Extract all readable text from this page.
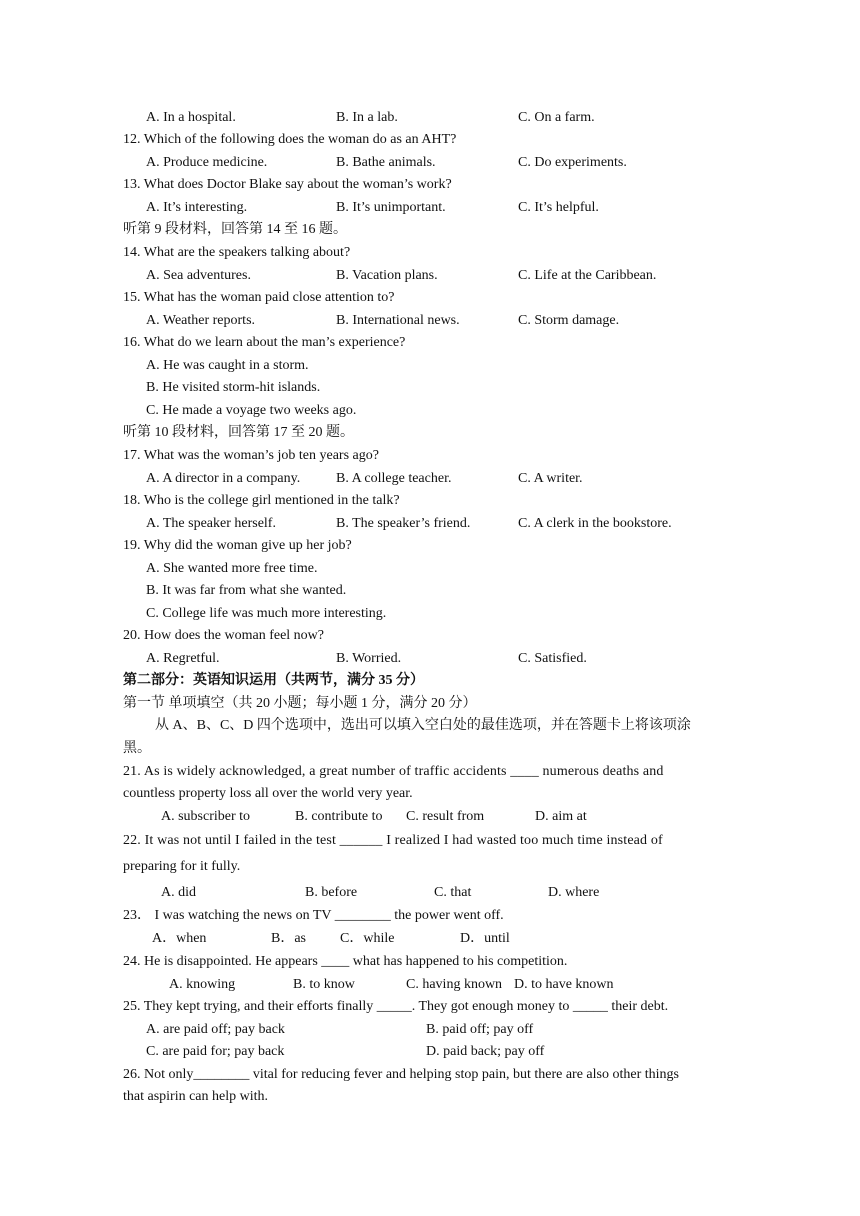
A. In a hospital.	B. In a lab.	C. On a farm.
12. Which of the following does the woman do as an AHT?
A. Produce medicine.	B. Bathe animals.	C. Do experiments.
13. What does Doctor Blake say about the woman’s work?
A. It’s interesting.	B. It’s unimportant.	C. It’s helpful.
听第 9 段材料，回答第 14 至 16 题。
14. What are the speakers talking about?
A. Sea adventures.	B. Vacation plans.	C. Life at the Caribbean.
15. What has the woman paid close attention to?
A. Weather reports.	B. International news.	C. Storm damage.
16. What do we learn about the man’s experience?
A. He was caught in a storm.
B. He visited storm-hit islands.
C. He made a voyage two weeks ago.
听第 10 段材料，回答第 17 至 20 题。
17. What was the woman’s job ten years ago?
A. A director in a company.	B. A college teacher.	C. A writer.
18. Who is the college girl mentioned in the talk?
A. The speaker herself.	B. The speaker’s friend.	C. A clerk in the bookstore.
19. Why did the woman give up her job?
A. She wanted more free time.
B. It was far from what she wanted.
C. College life was much more interesting.
20. How does the woman feel now?
A. Regretful.	B. Worried.	C. Satisfied.
第二部分：英语知识运用（共两节，满分 35 分）
第一节 单项填空（共 20 小题；每小题 1 分，满分 20 分）
从 A、B、C、D 四个选项中，选出可以填入空白处的最佳选项，并在答题卡上将该项涂
黑。
21. As is widely acknowledged, a great number of traffic accidents ____ numerous deaths and
countless property loss all over the world very year.
A. subscriber to	B. contribute to C. result from	D. aim at
22. It was not until I failed in the test ______ I realized I had wasted too much time instead of
preparing for it fully.
A. did	B. before	C. that	D. where
23． I was watching the news on TV ________ the power went off.
A．when	B．as C．while	D．until
24. He is disappointed. He appears ____ what has happened to his competition.
A. knowing	B. to know	C. having known D. to have known
25. They kept trying, and their efforts finally _____. They got enough money to _____ their debt.
A. are paid off; pay back	B. paid off; pay off
C. are paid for; pay back	D. paid back; pay off
26. Not only________ vital for reducing fever and helping stop pain, but there are also other things
that aspirin can help with.
